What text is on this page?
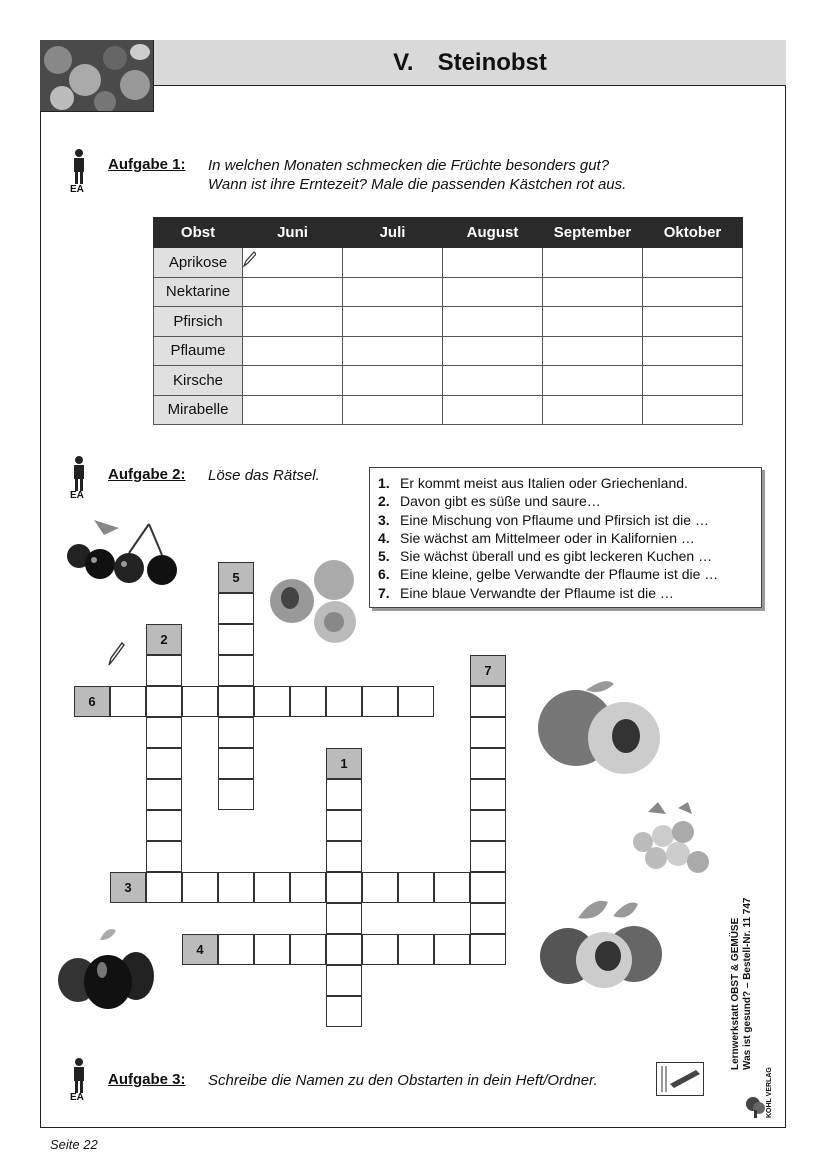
V. Steinobst
EA
Aufgabe 1: In welchen Monaten schmecken die Früchte besonders gut?
Wann ist ihre Erntezeit? Male die passenden Kästchen rot aus.
Obst	Juni	Juli	August	September	Oktober
Aprikose					
Nektarine					
Pfirsich					
Pflaume					
Kirsche					
Mirabelle					
EA
Aufgabe 2: Löse das Rätsel.	1. Er kommt meist aus Italien oder Griechenland.
2. Davon gibt es süße und saure…
3. Eine Mischung von Pflaume und Pfirsich ist die …
4. Sie wächst am Mittelmeer oder in Kalifornien …
5. Sie wächst überall und es gibt leckeren Kuchen …
6. Eine kleine, gelbe Verwandte der Pflaume ist die …
7. Eine blaue Verwandte der Pflaume ist die …
1
2
3
4
5
6
7
EA
Aufgabe 3: Schreibe die Namen zu den Obstarten in dein Heft/Ordner.
Lernwerkstatt OBST & GEMÜSE Was ist gesund? – Bestell-Nr. 11 747
KOHL VERLAG
Seite 22
